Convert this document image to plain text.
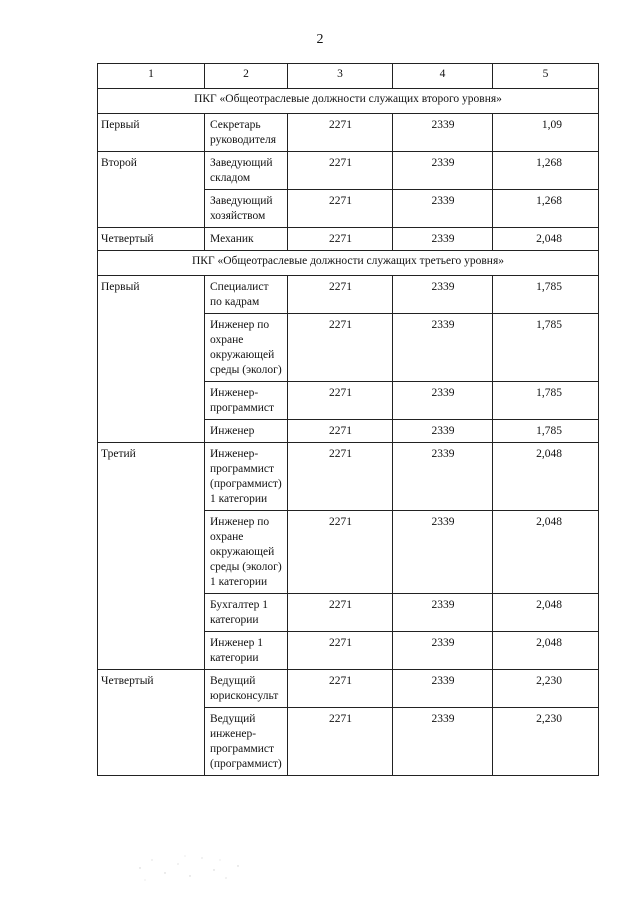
2
1	2	3	4	5
ПКГ «Общеотраслевые должности служащих второго уровня»				
Первый	Секретарь руководителя	2271	2339	1,09
Второй	Заведующий складом	2271	2339	1,268
	Заведующий хозяйством	2271	2339	1,268
Четвертый	Механик	2271	2339	2,048
ПКГ «Общеотраслевые должности служащих третьего уровня»				
Первый	Специалист по кадрам	2271	2339	1,785
	Инженер по охране окружающей среды (эколог)	2271	2339	1,785
	Инженер-программист	2271	2339	1,785
	Инженер	2271	2339	1,785
Третий	Инженер-программист (программист) 1 категории	2271	2339	2,048
	Инженер по охране окружающей среды (эколог) 1 категории	2271	2339	2,048
	Бухгалтер 1 категории	2271	2339	2,048
	Инженер 1 категории	2271	2339	2,048
Четвертый	Ведущий юрисконсульт	2271	2339	2,230
	Ведущий инженер-программист (программист)	2271	2339	2,230
